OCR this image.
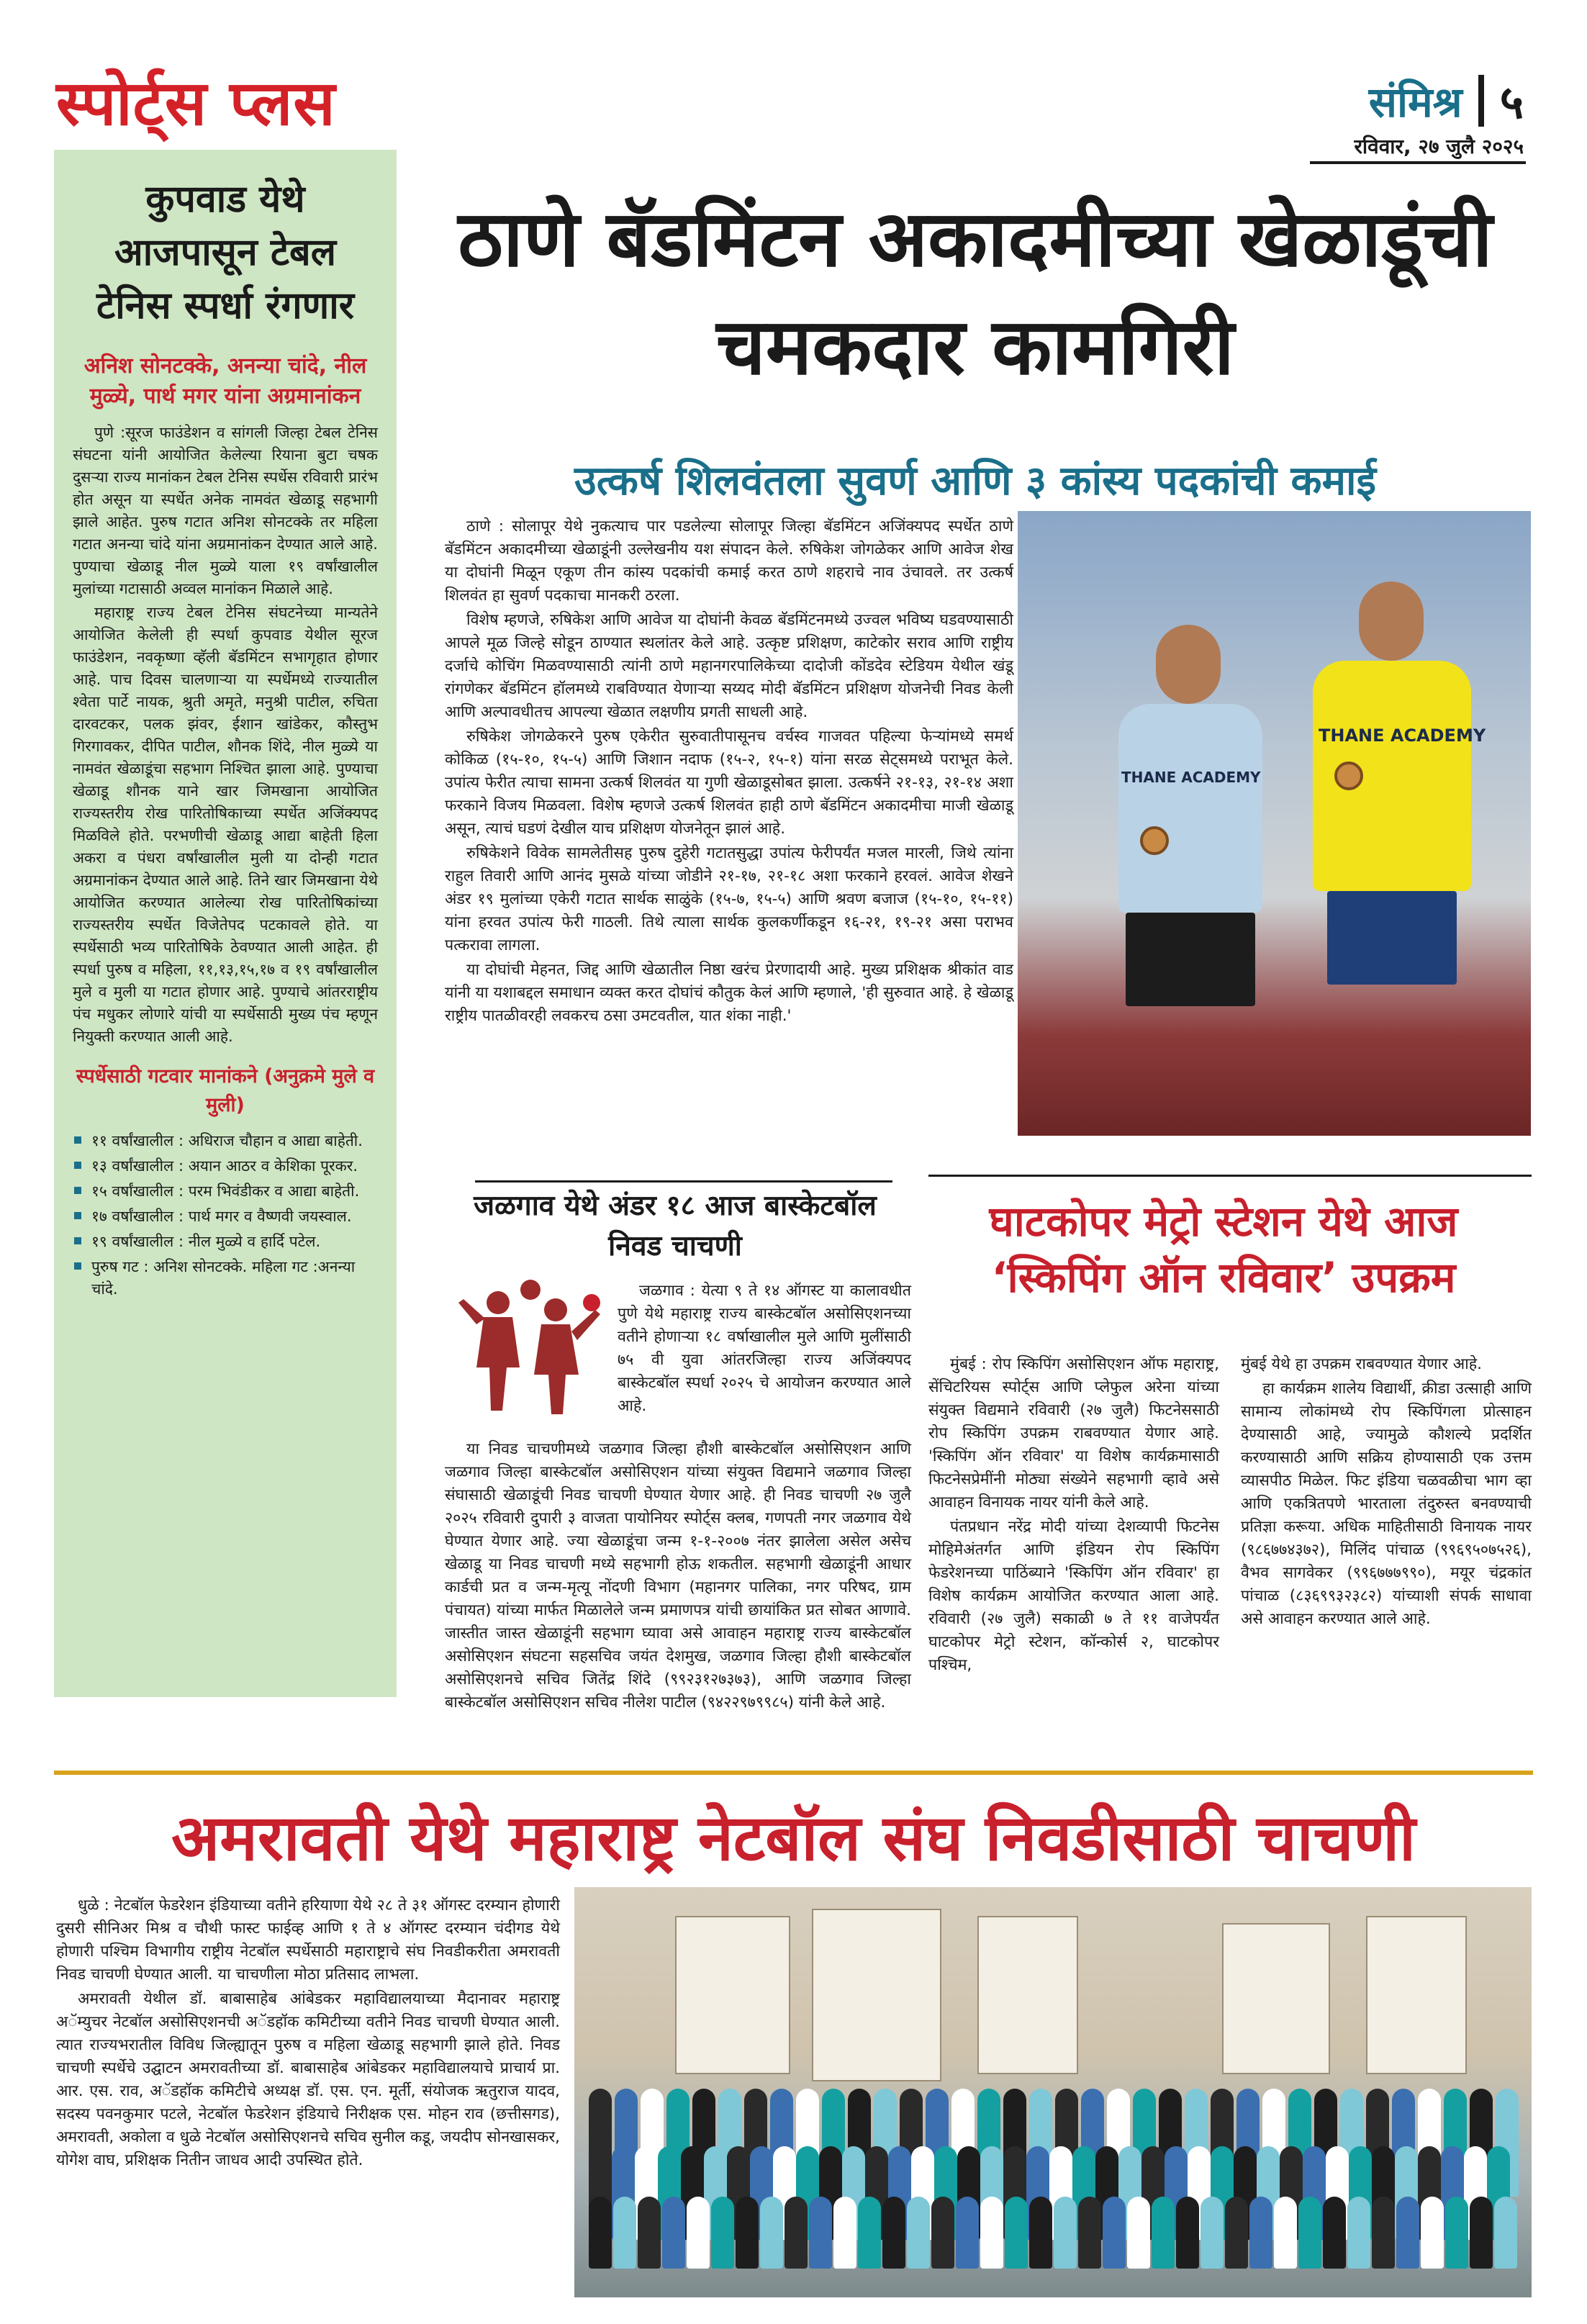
स्पोर्ट्स प्लस	संमिश्र ५
रविवार, २७ जुलै २०२५
कुपवाड येथे आजपासून टेबल टेनिस स्पर्धा रंगणार
अनिश सोनटक्के, अनन्या चांदे, नील मुळ्ये, पार्थ मगर यांना अग्रमानांकन

पुणे :सूरज फाउंडेशन व सांगली जिल्हा टेबल टेनिस संघटना यांनी आयोजित केलेल्या रियाना बुटा चषक दुसऱ्या राज्य मानांकन टेबल टेनिस स्पर्धेस रविवारी प्रारंभ होत असून या स्पर्धेत अनेक नामवंत खेळाडू सहभागी झाले आहेत. पुरुष गटात अनिश सोनटक्के तर महिला गटात अनन्या चांदे यांना अग्रमानांकन देण्यात आले आहे. पुण्याचा खेळाडू नील मुळ्ये याला १९ वर्षांखालील मुलांच्या गटासाठी अव्वल मानांकन मिळाले आहे.

महाराष्ट्र राज्य टेबल टेनिस संघटनेच्या मान्यतेने आयोजित केलेली ही स्पर्धा कुपवाड येथील सूरज फाउंडेशन, नवकृष्णा व्हॅली बॅडमिंटन सभागृहात होणार आहे. पाच दिवस चालणाऱ्या या स्पर्धेमध्ये राज्यातील श्वेता पार्टे नायक, श्रुती अमृते, मनुश्री पाटील, रुचिता दारवटकर, पलक झंवर, ईशान खांडेकर, कौस्तुभ गिरगावकर, दीपित पाटील, शौनक शिंदे, नील मुळ्ये या नामवंत खेळाडूंचा सहभाग निश्चित झाला आहे. पुण्याचा खेळाडू शौनक याने खार जिमखाना आयोजित राज्यस्तरीय रोख पारितोषिकाच्या स्पर्धेत अजिंक्यपद मिळविले होते. परभणीची खेळाडू आद्या बाहेती हिला अकरा व पंधरा वर्षांखालील मुली या दोन्ही गटात अग्रमानांकन देण्यात आले आहे. तिने खार जिमखाना येथे आयोजित करण्यात आलेल्या रोख पारितोषिकांच्या राज्यस्तरीय स्पर्धेत विजेतेपद पटकावले होते. या स्पर्धेसाठी भव्य पारितोषिके ठेवण्यात आली आहेत. ही स्पर्धा पुरुष व महिला, ११,१३,१५,१७ व १९ वर्षांखालील मुले व मुली या गटात होणार आहे. पुण्याचे आंतरराष्ट्रीय पंच मधुकर लोणारे यांची या स्पर्धेसाठी मुख्य पंच म्हणून नियुक्ती करण्यात आली आहे.

स्पर्धेसाठी गटवार मानांकने (अनुक्रमे मुले व मुली)
११ वर्षांखालील : अधिराज चौहान व आद्या बाहेती.
१३ वर्षांखालील : अयान आठर व केशिका पूरकर.
१५ वर्षांखालील : परम भिवंडीकर व आद्या बाहेती.
१७ वर्षांखालील : पार्थ मगर व वैष्णवी जयस्वाल.
१९ वर्षांखालील : नील मुळ्ये व हार्दि पटेल.
पुरुष गट : अनिश सोनटक्के. महिला गट :अनन्या चांदे.
ठाणे बॅडमिंटन अकादमीच्या खेळाडूंची चमकदार कामगिरी
उत्कर्ष शिलवंतला सुवर्ण आणि ३ कांस्य पदकांची कमाई

ठाणे : सोलापूर येथे नुकत्याच पार पडलेल्या सोलापूर जिल्हा बॅडमिंटन अजिंक्यपद स्पर्धेत ठाणे बॅडमिंटन अकादमीच्या खेळाडूंनी उल्लेखनीय यश संपादन केले. रुषिकेश जोगळेकर आणि आवेज शेख या दोघांनी मिळून एकूण तीन कांस्य पदकांची कमाई करत ठाणे शहराचे नाव उंचावले. तर उत्कर्ष शिलवंत हा सुवर्ण पदकाचा मानकरी ठरला.

विशेष म्हणजे, रुषिकेश आणि आवेज या दोघांनी केवळ बॅडमिंटनमध्ये उज्वल भविष्य घडवण्यासाठी आपले मूळ जिल्हे सोडून ठाण्यात स्थलांतर केले आहे. उत्कृष्ट प्रशिक्षण, काटेकोर सराव आणि राष्ट्रीय दर्जाचे कोचिंग मिळवण्यासाठी त्यांनी ठाणे महानगरपालिकेच्या दादोजी कोंडदेव स्टेडियम येथील खंडू रांगणेकर बॅडमिंटन हॉलमध्ये राबविण्यात येणाऱ्या सय्यद मोदी बॅडमिंटन प्रशिक्षण योजनेची निवड केली आणि अल्पावधीतच आपल्या खेळात लक्षणीय प्रगती साधली आहे.

रुषिकेश जोगळेकरने पुरुष एकेरीत सुरुवातीपासूनच वर्चस्व गाजवत पहिल्या फेऱ्यांमध्ये समर्थ कोकिळ (१५-१०, १५-५) आणि जिशान नदाफ (१५-२, १५-१) यांना सरळ सेट्समध्ये पराभूत केले. उपांत्य फेरीत त्याचा सामना उत्कर्ष शिलवंत या गुणी खेळाडूसोबत झाला. उत्कर्षने २१-१३, २१-१४ अशा फरकाने विजय मिळवला. विशेष म्हणजे उत्कर्ष शिलवंत हाही ठाणे बॅडमिंटन अकादमीचा माजी खेळाडू असून, त्याचं घडणं देखील याच प्रशिक्षण योजनेतून झालं आहे.

रुषिकेशने विवेक सामलेतीसह पुरुष दुहेरी गटातसुद्धा उपांत्य फेरीपर्यंत मजल मारली, जिथे त्यांना राहुल तिवारी आणि आनंद मुसळे यांच्या जोडीने २१-१७, २१-१८ अशा फरकाने हरवलं. आवेज शेखने अंडर १९ मुलांच्या एकेरी गटात सार्थक साळुंके (१५-७, १५-५) आणि श्रवण बजाज (१५-१०, १५-११) यांना हरवत उपांत्य फेरी गाठली. तिथे त्याला सार्थक कुलकर्णीकडून १६-२१, १९-२१ असा पराभव पत्करावा लागला.

या दोघांची मेहनत, जिद्द आणि खेळातील निष्ठा खरंच प्रेरणादायी आहे. मुख्य प्रशिक्षक श्रीकांत वाड यांनी या यशाबद्दल समाधान व्यक्त करत दोघांचं कौतुक केलं आणि म्हणाले, 'ही सुरुवात आहे. हे खेळाडू राष्ट्रीय पातळीवरही लवकरच ठसा उमटवतील, यात शंका नाही.'

THANE ACADEMY
THANE ACADEMY
जळगाव येथे अंडर १८ आज बास्केटबॉल निवड चाचणी

जळगाव : येत्या ९ ते १४ ऑगस्ट या कालावधीत पुणे येथे महाराष्ट्र राज्य बास्केटबॉल असोसिएशनच्या वतीने होणाऱ्या १८ वर्षाखालील मुले आणि मुलींसाठी ७५ वी युवा आंतरजिल्हा राज्य अजिंक्यपद बास्केटबॉल स्पर्धा २०२५ चे आयोजन करण्यात आले आहे.

या निवड चाचणीमध्ये जळगाव जिल्हा हौशी बास्केटबॉल असोसिएशन आणि जळगाव जिल्हा बास्केटबॉल असोसिएशन यांच्या संयुक्त विद्यमाने जळगाव जिल्हा संघासाठी खेळाडूंची निवड चाचणी घेण्यात येणार आहे. ही निवड चाचणी २७ जुलै २०२५ रविवारी दुपारी ३ वाजता पायोनियर स्पोर्ट्स क्लब, गणपती नगर जळगाव येथे घेण्यात येणार आहे. ज्या खेळाडूंचा जन्म १-१-२००७ नंतर झालेला असेल असेच खेळाडू या निवड चाचणी मध्ये सहभागी होऊ शकतील. सहभागी खेळाडूंनी आधार कार्डची प्रत व जन्म-मृत्यू नोंदणी विभाग (महानगर पालिका, नगर परिषद, ग्राम पंचायत) यांच्या मार्फत मिळालेले जन्म प्रमाणपत्र यांची छायांकित प्रत सोबत आणावे. जास्तीत जास्त खेळाडूंनी सहभाग घ्यावा असे आवाहन महाराष्ट्र राज्य बास्केटबॉल असोसिएशन संघटना सहसचिव जयंत देशमुख, जळगाव जिल्हा हौशी बास्केटबॉल असोसिएशनचे सचिव जितेंद्र शिंदे (९९२३१२७३७३), आणि जळगाव जिल्हा बास्केटबॉल असोसिएशन सचिव नीलेश पाटील (९४२२९७९९८५) यांनी केले आहे.

घाटकोपर मेट्रो स्टेशन येथे आज ‘स्किपिंग ऑन रविवार’ उपक्रम

मुंबई : रोप स्किपिंग असोसिएशन ऑफ महाराष्ट्र, सेंचिटरियस स्पोर्ट्स आणि प्लेफुल अरेना यांच्या संयुक्त विद्यमाने रविवारी (२७ जुलै) फिटनेससाठी रोप स्किपिंग उपक्रम राबवण्यात येणार आहे. 'स्किपिंग ऑन रविवार' या विशेष कार्यक्रमासाठी फिटनेसप्रेमींनी मोठ्या संख्येने सहभागी व्हावे असे आवाहन विनायक नायर यांनी केले आहे.

पंतप्रधान नरेंद्र मोदी यांच्या देशव्यापी फिटनेस मोहिमेअंतर्गत आणि इंडियन रोप स्किपिंग फेडरेशनच्या पाठिंब्याने 'स्किपिंग ऑन रविवार' हा विशेष कार्यक्रम आयोजित करण्यात आला आहे. रविवारी (२७ जुलै) सकाळी ७ ते ११ वाजेपर्यंत घाटकोपर मेट्रो स्टेशन, कॉन्कोर्स २, घाटकोपर पश्चिम,

मुंबई येथे हा उपक्रम राबवण्यात येणार आहे.

हा कार्यक्रम शालेय विद्यार्थी, क्रीडा उत्साही आणि सामान्य लोकांमध्ये रोप स्किपिंगला प्रोत्साहन देण्यासाठी आहे, ज्यामुळे कौशल्ये प्रदर्शित करण्यासाठी आणि सक्रिय होण्यासाठी एक उत्तम व्यासपीठ मिळेल. फिट इंडिया चळवळीचा भाग व्हा आणि एकत्रितपणे भारताला तंदुरुस्त बनवण्याची प्रतिज्ञा करूया. अधिक माहितीसाठी विनायक नायर (९८६७७४३७२), मिलिंद पांचाळ (९९६९५०७५२६), वैभव सागवेकर (९९६७७७९९०), मयूर चंद्रकांत पांचाळ (८३६९९३२३८२) यांच्याशी संपर्क साधावा असे आवाहन करण्यात आले आहे.

अमरावती येथे महाराष्ट्र नेटबॉल संघ निवडीसाठी चाचणी

धुळे : नेटबॉल फेडरेशन इंडियाच्या वतीने हरियाणा येथे २८ ते ३१ ऑगस्ट दरम्यान होणारी दुसरी सीनिअर मिश्र व चौथी फास्ट फाईव्ह आणि १ ते ४ ऑगस्ट दरम्यान चंदीगड येथे होणारी पश्चिम विभागीय राष्ट्रीय नेटबॉल स्पर्धेसाठी महाराष्ट्राचे संघ निवडीकरीता अमरावती निवड चाचणी घेण्यात आली. या चाचणीला मोठा प्रतिसाद लाभला.

अमरावती येथील डॉ. बाबासाहेब आंबेडकर महाविद्यालयाच्या मैदानावर महाराष्ट्र अॅम्युचर नेटबॉल असोसिएशनची अॅडहॉक कमिटीच्या वतीने निवड चाचणी घेण्यात आली. त्यात राज्यभरातील विविध जिल्ह्यातून पुरुष व महिला खेळाडू सहभागी झाले होते. निवड चाचणी स्पर्धेचे उद्घाटन अमरावतीच्या डॉ. बाबासाहेब आंबेडकर महाविद्यालयाचे प्राचार्य प्रा. आर. एस. राव, अॅडहॉक कमिटीचे अध्यक्ष डॉ. एस. एन. मूर्ती, संयोजक ऋतुराज यादव, सदस्य पवनकुमार पटले, नेटबॉल फेडरेशन इंडियाचे निरीक्षक एस. मोहन राव (छत्तीसगड), अमरावती, अकोला व धुळे नेटबॉल असोसिएशनचे सचिव सुनील कडू, जयदीप सोनखासकर, योगेश वाघ, प्रशिक्षक नितीन जाधव आदी उपस्थित होते.
